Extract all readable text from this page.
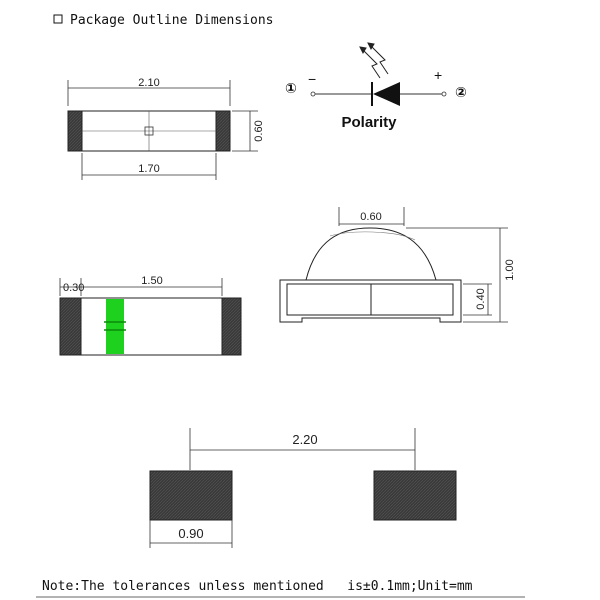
Package Outline Dimensions
2.10
0.60
1.70
①
−	+
②
Polarity
0.30
1.50
0.60
1.00
0.40
2.20
0.90
Note:The tolerances unless mentioned   is±0.1mm;Unit=mm
